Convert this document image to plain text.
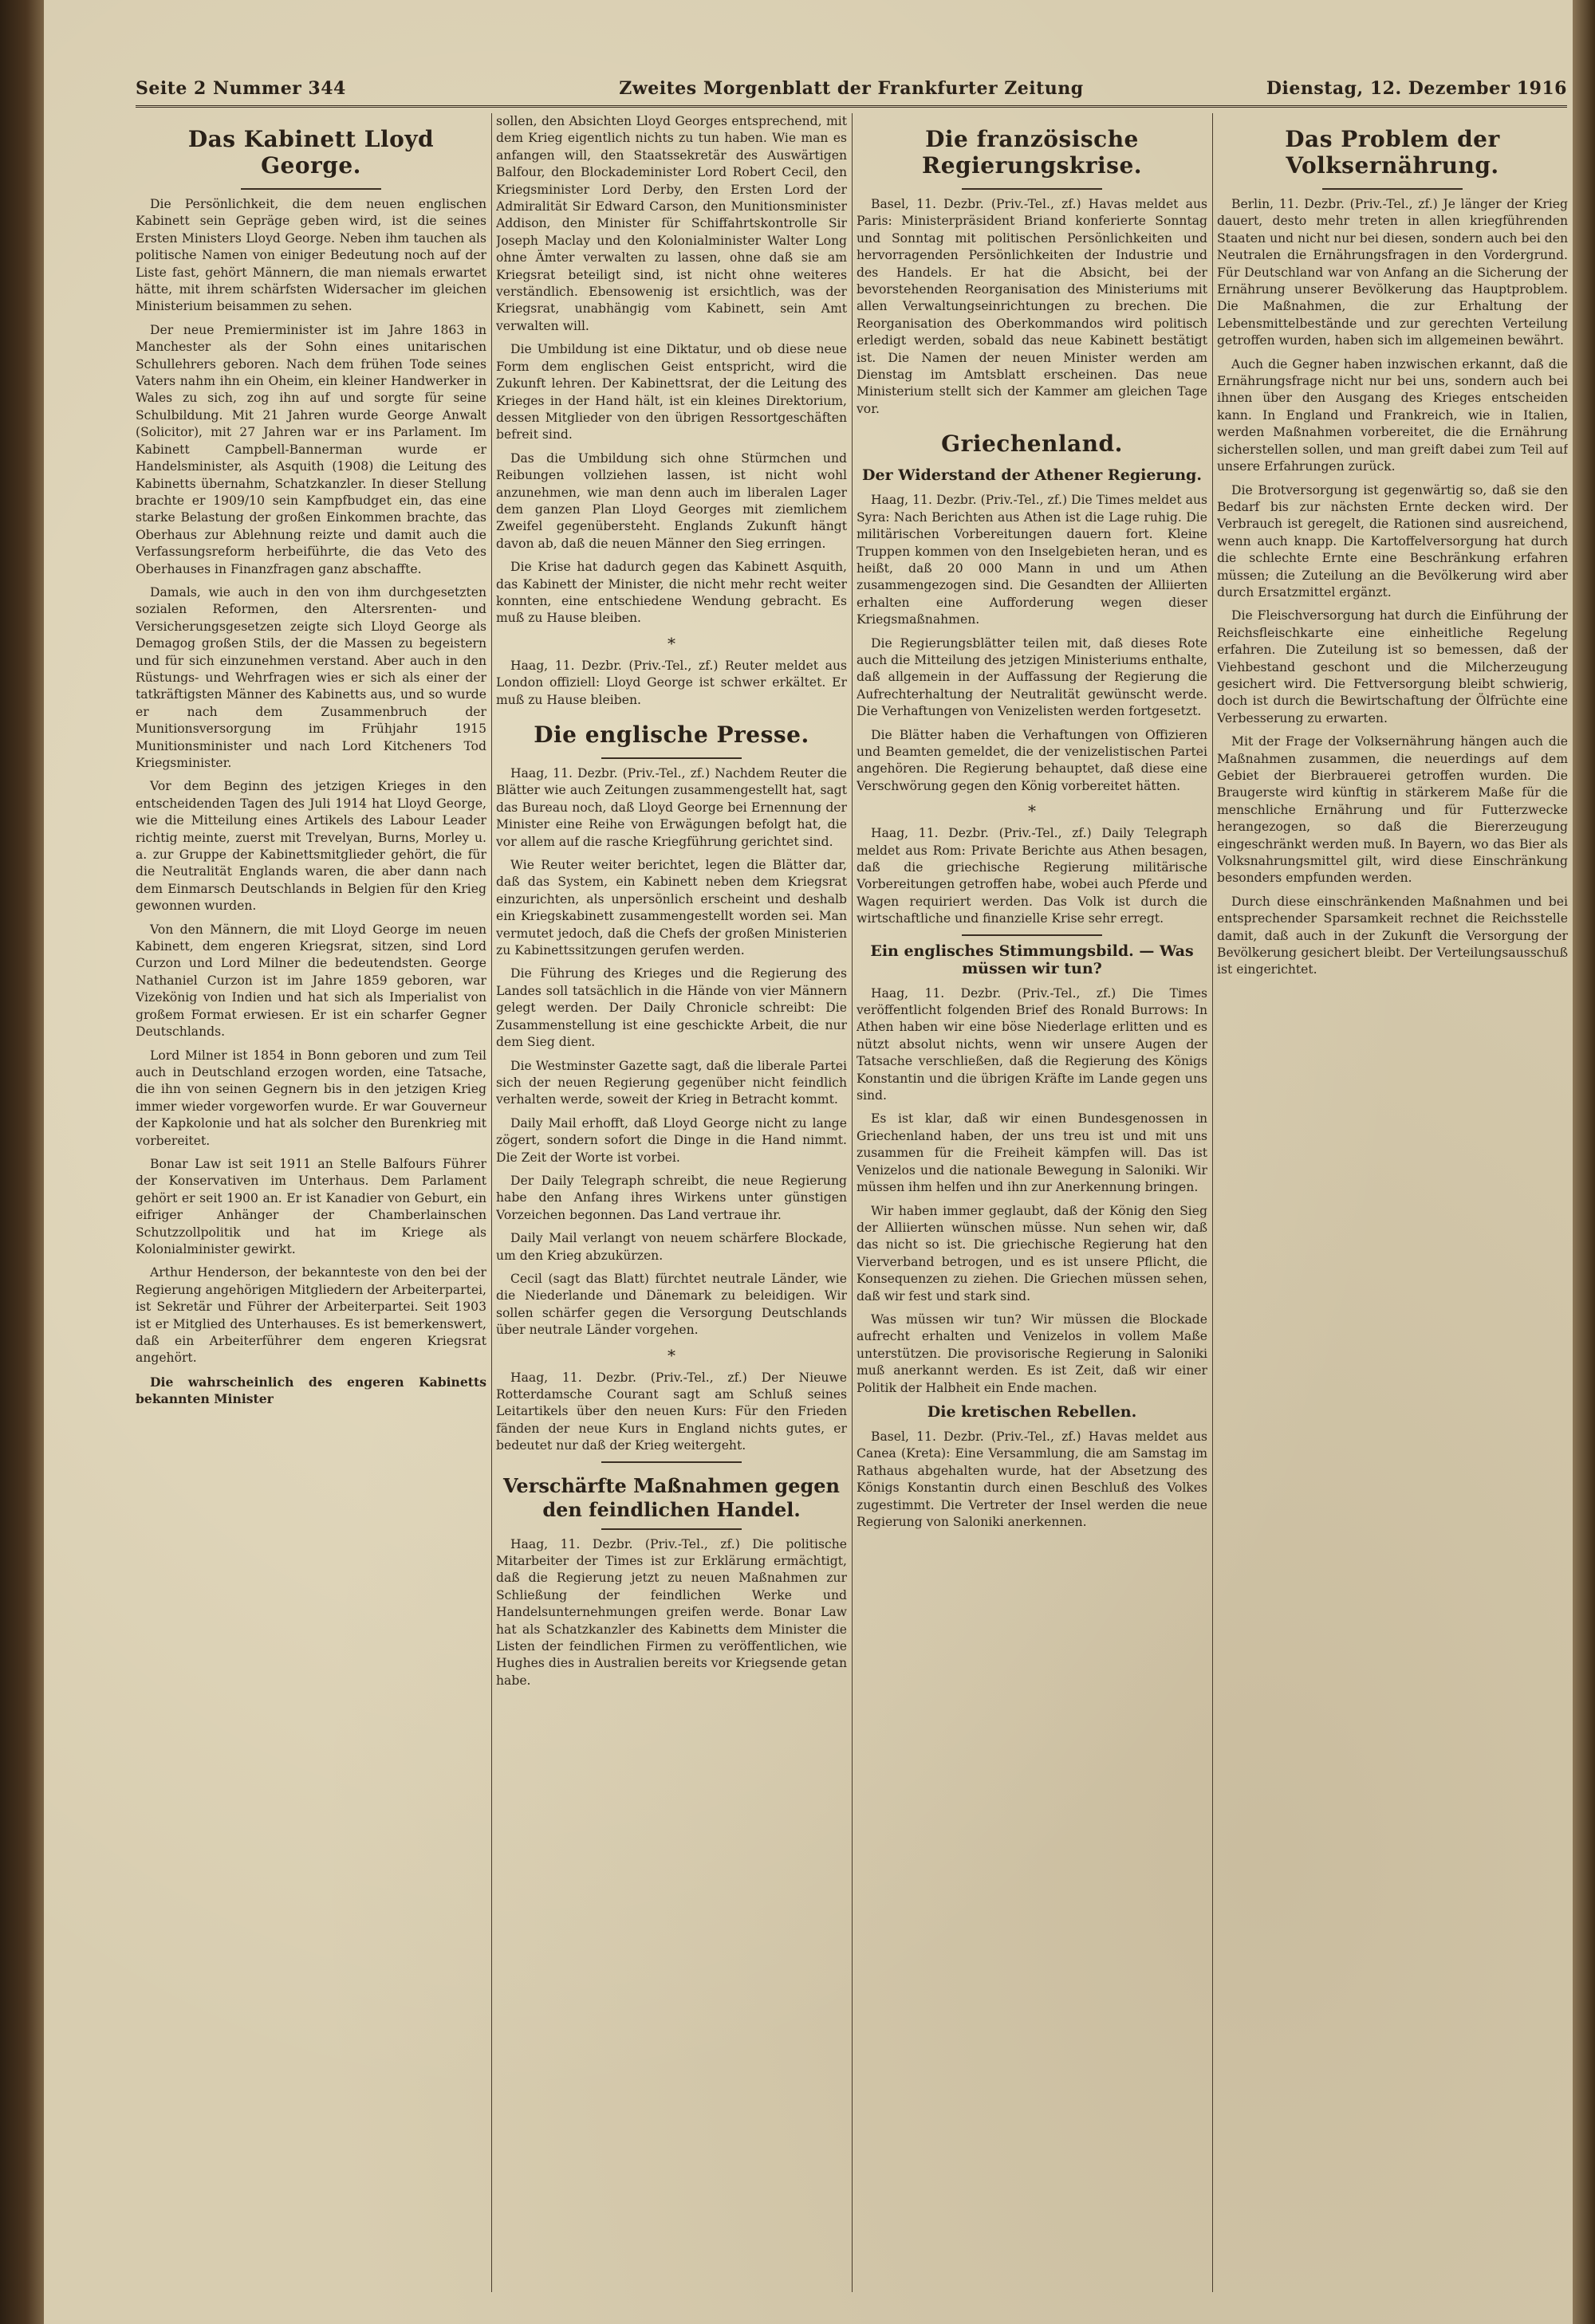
Seite 2 Nummer 344	Zweites Morgenblatt der Frankfurter Zeitung	Dienstag, 12. Dezember 1916
Das Kabinett Lloyd George.

Die Persönlichkeit, die dem neuen englischen Kabinett sein Gepräge geben wird, ist die seines Ersten Ministers Lloyd George. Neben ihm tauchen als politische Namen von einiger Bedeutung noch auf der Liste fast, gehört Männern, die man niemals erwartet hätte, mit ihrem schärfsten Widersacher im gleichen Ministerium beisammen zu sehen.

Der neue Premierminister ist im Jahre 1863 in Manchester als der Sohn eines unitarischen Schullehrers geboren. Nach dem frühen Tode seines Vaters nahm ihn ein Oheim, ein kleiner Handwerker in Wales zu sich, zog ihn auf und sorgte für seine Schulbildung. Mit 21 Jahren wurde George Anwalt (Solicitor), mit 27 Jahren war er ins Parlament. Im Kabinett Campbell-Bannerman wurde er Handelsminister, als Asquith (1908) die Leitung des Kabinetts übernahm, Schatzkanzler. In dieser Stellung brachte er 1909/10 sein Kampfbudget ein, das eine starke Belastung der großen Einkommen brachte, das Oberhaus zur Ablehnung reizte und damit auch die Verfassungsreform herbeiführte, die das Veto des Oberhauses in Finanzfragen ganz abschaffte.

Damals, wie auch in den von ihm durchgesetzten sozialen Reformen, den Altersrenten- und Versicherungsgesetzen zeigte sich Lloyd George als Demagog großen Stils, der die Massen zu begeistern und für sich einzunehmen verstand. Aber auch in den Rüstungs- und Wehrfragen wies er sich als einer der tatkräftigsten Männer des Kabinetts aus, und so wurde er nach dem Zusammenbruch der Munitionsversorgung im Frühjahr 1915 Munitionsminister und nach Lord Kitcheners Tod Kriegsminister.

Vor dem Beginn des jetzigen Krieges in den entscheidenden Tagen des Juli 1914 hat Lloyd George, wie die Mitteilung eines Artikels des Labour Leader richtig meinte, zuerst mit Trevelyan, Burns, Morley u. a. zur Gruppe der Kabinettsmitglieder gehört, die für die Neutralität Englands waren, die aber dann nach dem Einmarsch Deutschlands in Belgien für den Krieg gewonnen wurden.

Von den Männern, die mit Lloyd George im neuen Kabinett, dem engeren Kriegsrat, sitzen, sind Lord Curzon und Lord Milner die bedeutendsten. George Nathaniel Curzon ist im Jahre 1859 geboren, war Vizekönig von Indien und hat sich als Imperialist von großem Format erwiesen. Er ist ein scharfer Gegner Deutschlands.

Lord Milner ist 1854 in Bonn geboren und zum Teil auch in Deutschland erzogen worden, eine Tatsache, die ihn von seinen Gegnern bis in den jetzigen Krieg immer wieder vorgeworfen wurde. Er war Gouverneur der Kapkolonie und hat als solcher den Burenkrieg mit vorbereitet.

Bonar Law ist seit 1911 an Stelle Balfours Führer der Konservativen im Unterhaus. Dem Parlament gehört er seit 1900 an. Er ist Kanadier von Geburt, ein eifriger Anhänger der Chamberlainschen Schutzzollpolitik und hat im Kriege als Kolonialminister gewirkt.

Arthur Henderson, der bekannteste von den bei der Regierung angehörigen Mitgliedern der Arbeiterpartei, ist Sekretär und Führer der Arbeiterpartei. Seit 1903 ist er Mitglied des Unterhauses. Es ist bemerkenswert, daß ein Arbeiterführer dem engeren Kriegsrat angehört.

Die wahrscheinlich des engeren Kabinetts bekannten Minister

sollen, den Absichten Lloyd Georges entsprechend, mit dem Krieg eigentlich nichts zu tun haben. Wie man es anfangen will, den Staatssekretär des Auswärtigen Balfour, den Blockademinister Lord Robert Cecil, den Kriegsminister Lord Derby, den Ersten Lord der Admiralität Sir Edward Carson, den Munitionsminister Addison, den Minister für Schiffahrtskontrolle Sir Joseph Maclay und den Kolonialminister Walter Long ohne Ämter verwalten zu lassen, ohne daß sie am Kriegsrat beteiligt sind, ist nicht ohne weiteres verständlich. Ebensowenig ist ersichtlich, was der Kriegsrat, unabhängig vom Kabinett, sein Amt verwalten will.

Die Umbildung ist eine Diktatur, und ob diese neue Form dem englischen Geist entspricht, wird die Zukunft lehren. Der Kabinettsrat, der die Leitung des Krieges in der Hand hält, ist ein kleines Direktorium, dessen Mitglieder von den übrigen Ressortgeschäften befreit sind.

Das die Umbildung sich ohne Stürmchen und Reibungen vollziehen lassen, ist nicht wohl anzunehmen, wie man denn auch im liberalen Lager dem ganzen Plan Lloyd Georges mit ziemlichem Zweifel gegenübersteht. Englands Zukunft hängt davon ab, daß die neuen Männer den Sieg erringen.

Die Krise hat dadurch gegen das Kabinett Asquith, das Kabinett der Minister, die nicht mehr recht weiter konnten, eine entschiedene Wendung gebracht. Es muß zu Hause bleiben.

*

Haag, 11. Dezbr. (Priv.-Tel., zf.) Reuter meldet aus London offiziell: Lloyd George ist schwer erkältet. Er muß zu Hause bleiben.

Die englische Presse.

Haag, 11. Dezbr. (Priv.-Tel., zf.) Nachdem Reuter die Blätter wie auch Zeitungen zusammengestellt hat, sagt das Bureau noch, daß Lloyd George bei Ernennung der Minister eine Reihe von Erwägungen befolgt hat, die vor allem auf die rasche Kriegführung gerichtet sind.

Wie Reuter weiter berichtet, legen die Blätter dar, daß das System, ein Kabinett neben dem Kriegsrat einzurichten, als unpersönlich erscheint und deshalb ein Kriegskabinett zusammengestellt worden sei. Man vermutet jedoch, daß die Chefs der großen Ministerien zu Kabinettssitzungen gerufen werden.

Die Führung des Krieges und die Regierung des Landes soll tatsächlich in die Hände von vier Männern gelegt werden. Der Daily Chronicle schreibt: Die Zusammenstellung ist eine geschickte Arbeit, die nur dem Sieg dient.

Die Westminster Gazette sagt, daß die liberale Partei sich der neuen Regierung gegenüber nicht feindlich verhalten werde, soweit der Krieg in Betracht kommt.

Daily Mail erhofft, daß Lloyd George nicht zu lange zögert, sondern sofort die Dinge in die Hand nimmt. Die Zeit der Worte ist vorbei.

Der Daily Telegraph schreibt, die neue Regierung habe den Anfang ihres Wirkens unter günstigen Vorzeichen begonnen. Das Land vertraue ihr.

Daily Mail verlangt von neuem schärfere Blockade, um den Krieg abzukürzen.

Cecil (sagt das Blatt) fürchtet neutrale Länder, wie die Niederlande und Dänemark zu beleidigen. Wir sollen schärfer gegen die Versorgung Deutschlands über neutrale Länder vorgehen.

*

Haag, 11. Dezbr. (Priv.-Tel., zf.) Der Nieuwe Rotterdamsche Courant sagt am Schluß seines Leitartikels über den neuen Kurs: Für den Frieden fänden der neue Kurs in England nichts gutes, er bedeutet nur daß der Krieg weitergeht.

Verschärfte Maßnahmen gegen den feindlichen Handel.

Haag, 11. Dezbr. (Priv.-Tel., zf.) Die politische Mitarbeiter der Times ist zur Erklärung ermächtigt, daß die Regierung jetzt zu neuen Maßnahmen zur Schließung der feindlichen Werke und Handelsunternehmungen greifen werde. Bonar Law hat als Schatzkanzler des Kabinetts dem Minister die Listen der feindlichen Firmen zu veröffentlichen, wie Hughes dies in Australien bereits vor Kriegsende getan habe.

Die französische Regierungskrise.

Basel, 11. Dezbr. (Priv.-Tel., zf.) Havas meldet aus Paris: Ministerpräsident Briand konferierte Sonntag und Sonntag mit politischen Persönlichkeiten und hervorragenden Persönlichkeiten der Industrie und des Handels. Er hat die Absicht, bei der bevorstehenden Reorganisation des Ministeriums mit allen Verwaltungseinrichtungen zu brechen. Die Reorganisation des Oberkommandos wird politisch erledigt werden, sobald das neue Kabinett bestätigt ist. Die Namen der neuen Minister werden am Dienstag im Amtsblatt erscheinen. Das neue Ministerium stellt sich der Kammer am gleichen Tage vor.

Griechenland.
Der Widerstand der Athener Regierung.

Haag, 11. Dezbr. (Priv.-Tel., zf.) Die Times meldet aus Syra: Nach Berichten aus Athen ist die Lage ruhig. Die militärischen Vorbereitungen dauern fort. Kleine Truppen kommen von den Inselgebieten heran, und es heißt, daß 20 000 Mann in und um Athen zusammengezogen sind. Die Gesandten der Alliierten erhalten eine Aufforderung wegen dieser Kriegsmaßnahmen.

Die Regierungsblätter teilen mit, daß dieses Rote auch die Mitteilung des jetzigen Ministeriums enthalte, daß allgemein in der Auffassung der Regierung die Aufrechterhaltung der Neutralität gewünscht werde. Die Verhaftungen von Venizelisten werden fortgesetzt.

Die Blätter haben die Verhaftungen von Offizieren und Beamten gemeldet, die der venizelistischen Partei angehören. Die Regierung behauptet, daß diese eine Verschwörung gegen den König vorbereitet hätten.

*

Haag, 11. Dezbr. (Priv.-Tel., zf.) Daily Telegraph meldet aus Rom: Private Berichte aus Athen besagen, daß die griechische Regierung militärische Vorbereitungen getroffen habe, wobei auch Pferde und Wagen requiriert werden. Das Volk ist durch die wirtschaftliche und finanzielle Krise sehr erregt.

Ein englisches Stimmungsbild. — Was müssen wir tun?

Haag, 11. Dezbr. (Priv.-Tel., zf.) Die Times veröffentlicht folgenden Brief des Ronald Burrows: In Athen haben wir eine böse Niederlage erlitten und es nützt absolut nichts, wenn wir unsere Augen der Tatsache verschließen, daß die Regierung des Königs Konstantin und die übrigen Kräfte im Lande gegen uns sind.

Es ist klar, daß wir einen Bundesgenossen in Griechenland haben, der uns treu ist und mit uns zusammen für die Freiheit kämpfen will. Das ist Venizelos und die nationale Bewegung in Saloniki. Wir müssen ihm helfen und ihn zur Anerkennung bringen.

Wir haben immer geglaubt, daß der König den Sieg der Alliierten wünschen müsse. Nun sehen wir, daß das nicht so ist. Die griechische Regierung hat den Vierverband betrogen, und es ist unsere Pflicht, die Konsequenzen zu ziehen. Die Griechen müssen sehen, daß wir fest und stark sind.

Was müssen wir tun? Wir müssen die Blockade aufrecht erhalten und Venizelos in vollem Maße unterstützen. Die provisorische Regierung in Saloniki muß anerkannt werden. Es ist Zeit, daß wir einer Politik der Halbheit ein Ende machen.

Die kretischen Rebellen.

Basel, 11. Dezbr. (Priv.-Tel., zf.) Havas meldet aus Canea (Kreta): Eine Versammlung, die am Samstag im Rathaus abgehalten wurde, hat der Absetzung des Königs Konstantin durch einen Beschluß des Volkes zugestimmt. Die Vertreter der Insel werden die neue Regierung von Saloniki anerkennen.

Das Problem der Volksernährung.

Berlin, 11. Dezbr. (Priv.-Tel., zf.) Je länger der Krieg dauert, desto mehr treten in allen kriegführenden Staaten und nicht nur bei diesen, sondern auch bei den Neutralen die Ernährungsfragen in den Vordergrund. Für Deutschland war von Anfang an die Sicherung der Ernährung unserer Bevölkerung das Hauptproblem. Die Maßnahmen, die zur Erhaltung der Lebensmittelbestände und zur gerechten Verteilung getroffen wurden, haben sich im allgemeinen bewährt.

Auch die Gegner haben inzwischen erkannt, daß die Ernährungsfrage nicht nur bei uns, sondern auch bei ihnen über den Ausgang des Krieges entscheiden kann. In England und Frankreich, wie in Italien, werden Maßnahmen vorbereitet, die die Ernährung sicherstellen sollen, und man greift dabei zum Teil auf unsere Erfahrungen zurück.

Die Brotversorgung ist gegenwärtig so, daß sie den Bedarf bis zur nächsten Ernte decken wird. Der Verbrauch ist geregelt, die Rationen sind ausreichend, wenn auch knapp. Die Kartoffelversorgung hat durch die schlechte Ernte eine Beschränkung erfahren müssen; die Zuteilung an die Bevölkerung wird aber durch Ersatzmittel ergänzt.

Die Fleischversorgung hat durch die Einführung der Reichsfleischkarte eine einheitliche Regelung erfahren. Die Zuteilung ist so bemessen, daß der Viehbestand geschont und die Milcherzeugung gesichert wird. Die Fettversorgung bleibt schwierig, doch ist durch die Bewirtschaftung der Ölfrüchte eine Verbesserung zu erwarten.

Mit der Frage der Volksernährung hängen auch die Maßnahmen zusammen, die neuerdings auf dem Gebiet der Bierbrauerei getroffen wurden. Die Braugerste wird künftig in stärkerem Maße für die menschliche Ernährung und für Futterzwecke herangezogen, so daß die Biererzeugung eingeschränkt werden muß. In Bayern, wo das Bier als Volksnahrungsmittel gilt, wird diese Einschränkung besonders empfunden werden.

Durch diese einschränkenden Maßnahmen und bei entsprechender Sparsamkeit rechnet die Reichsstelle damit, daß auch in der Zukunft die Versorgung der Bevölkerung gesichert bleibt. Der Verteilungsausschuß ist eingerichtet.
